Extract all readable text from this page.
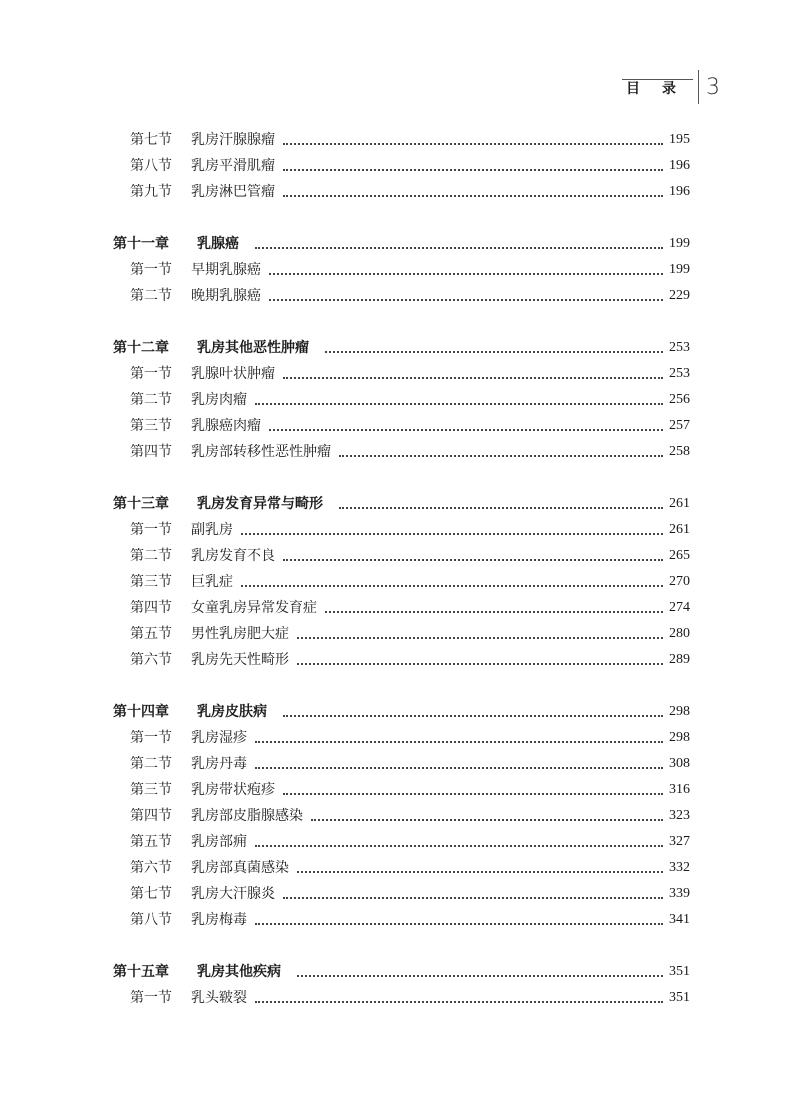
目录 3
第七节	乳房汗腺腺瘤	195
第八节	乳房平滑肌瘤	196
第九节	乳房淋巴管瘤	196
第十一章	乳腺癌	199
第一节	早期乳腺癌	199
第二节	晚期乳腺癌	229
第十二章	乳房其他恶性肿瘤	253
第一节	乳腺叶状肿瘤	253
第二节	乳房肉瘤	256
第三节	乳腺癌肉瘤	257
第四节	乳房部转移性恶性肿瘤	258
第十三章	乳房发育异常与畸形	261
第一节	副乳房	261
第二节	乳房发育不良	265
第三节	巨乳症	270
第四节	女童乳房异常发育症	274
第五节	男性乳房肥大症	280
第六节	乳房先天性畸形	289
第十四章	乳房皮肤病	298
第一节	乳房湿疹	298
第二节	乳房丹毒	308
第三节	乳房带状疱疹	316
第四节	乳房部皮脂腺感染	323
第五节	乳房部痈	327
第六节	乳房部真菌感染	332
第七节	乳房大汗腺炎	339
第八节	乳房梅毒	341
第十五章	乳房其他疾病	351
第一节	乳头皲裂	351
